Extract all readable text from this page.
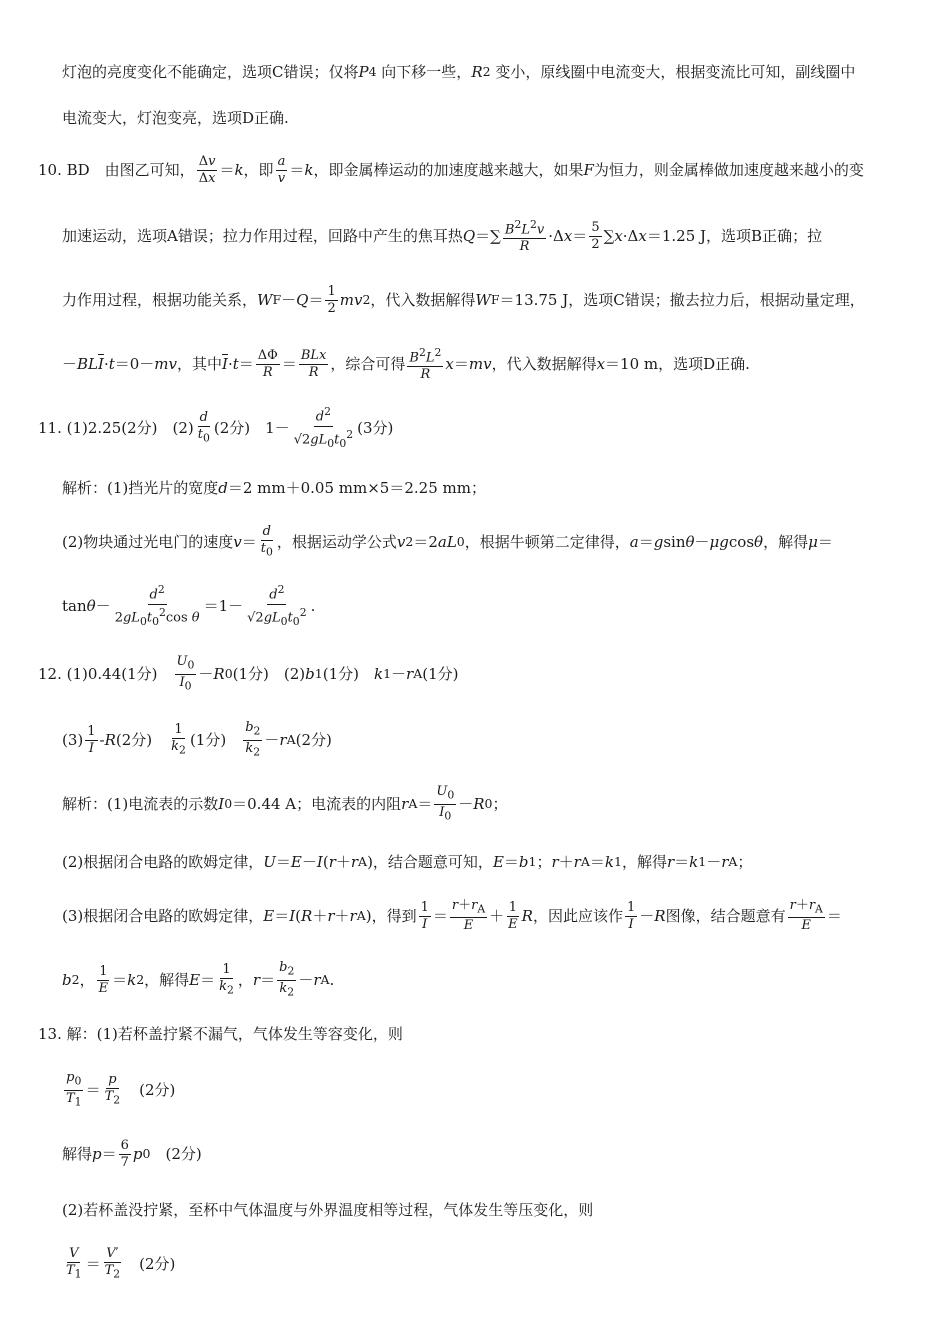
灯泡的亮度变化不能确定，选项C错误；仅将 P 4 向下移一些， R 2 变小，原线圈中电流变大，根据变流比可知，副线圈中
电流变大，灯泡变亮，选项D正确.
10. BD　由图乙可知， $\frac{\Delta v}{\Delta x} = k$ ，即 $\frac{a}{v} = k$ ，即金属棒运动的加速度越来越大，如果 F 为恒力，则金属棒做加速度越来越小的变
加速运动，选项A错误；拉力作用过程，回路中产生的焦耳热 Q ＝∑ $\frac{B^2L^2v}{R} \cdot\Delta$ $x = \frac{5}{2}$ ∑ x ·Δ x ＝1.25 J，选项B正确；拉
力作用过程，根据功能关系， W $F - Q = \frac{1}{2}$ mv 2 ，代入数据解得 W F ＝13.75 J，选项C错误；撤去拉力后，根据动量定理，
－ BL $\overline{I} \cdot t =0-$ mv ，其中 $\overline{I} \cdot t = \frac{\Delta\Phi}{R} = \frac{\text{BLx}}{R}$ ，综合可得 $\frac{B^2L^2}{R}$ x ＝ mv ，代入数据解得 x ＝10 m，选项D正确.
11. (1)2.25(2分)　$(2) \frac{d}{t_0} (2$分)　$1- \frac{d^2}{√2gL_0t_0^2} (3$分)
解析：(1)挡光片的宽度 d ＝2 mm＋0.05 mm×5＝2.25 mm；
(2)物块通过光电门的速度 $v = \frac{d}{t_0}$ ，根据运动学公式 v 2 ＝2 aL 0 ，根据牛顿第二定律得， a ＝ g sin θ － μg cos θ ，解得 μ ＝
$\tan \theta - \frac{d^2}{2gL_0t_0^2\cos \theta} =1- \frac{d^2}{√2gL_0t_0^2}$ .
12. (1)0.44(1分)　 $\frac{U_0}{I_0} - R$ 0 (1分)　(2) b 1 (1分)　 k 1 － r A (1分)
$(3) \frac{1}{I}$ - R (2分)　 $\frac{1}{k_2} (1$分)　 $\frac{b_2}{k_2} - r$ A (2分)
解析：(1)电流表的示数 I 0 ＝0.44 A；电流表的内阻 r $A = \frac{U_0}{I_0} - R$ 0 ；
(2)根据闭合电路的欧姆定律， U ＝ E － I ( r ＋ r A )，结合题意可知， E ＝ b 1 ； r ＋ r A ＝ k 1 ，解得 r ＝ k 1 － r A ；
(3)根据闭合电路的欧姆定律， E ＝ I ( R ＋ r ＋ r A )，得到 $\frac{1}{I} = \frac{r+r_A}{E} + \frac{1}{E}$ R ，因此应该作 $\frac{1}{I} - R$ 图像，结合题意有 $\frac{r+r_A}{E}$ ＝
b 2 ， $\frac{1}{E} = k$ 2 ，解得 $E = \frac{1}{k_2}$ ， $r = \frac{b_2}{k_2} - r$ A .
13. 解：(1)若杯盖拧紧不漏气，气体发生等容变化，则
$\frac{p_0}{T_1} = \frac{p}{T_2}$ 　(2分)
解得 $p = \frac{6}{7}$ p 0 　(2分)
(2)若杯盖没拧紧，至杯中气体温度与外界温度相等过程，气体发生等压变化，则
$\frac{V}{T_1} = \frac{V'}{T_2}$ 　(2分)
